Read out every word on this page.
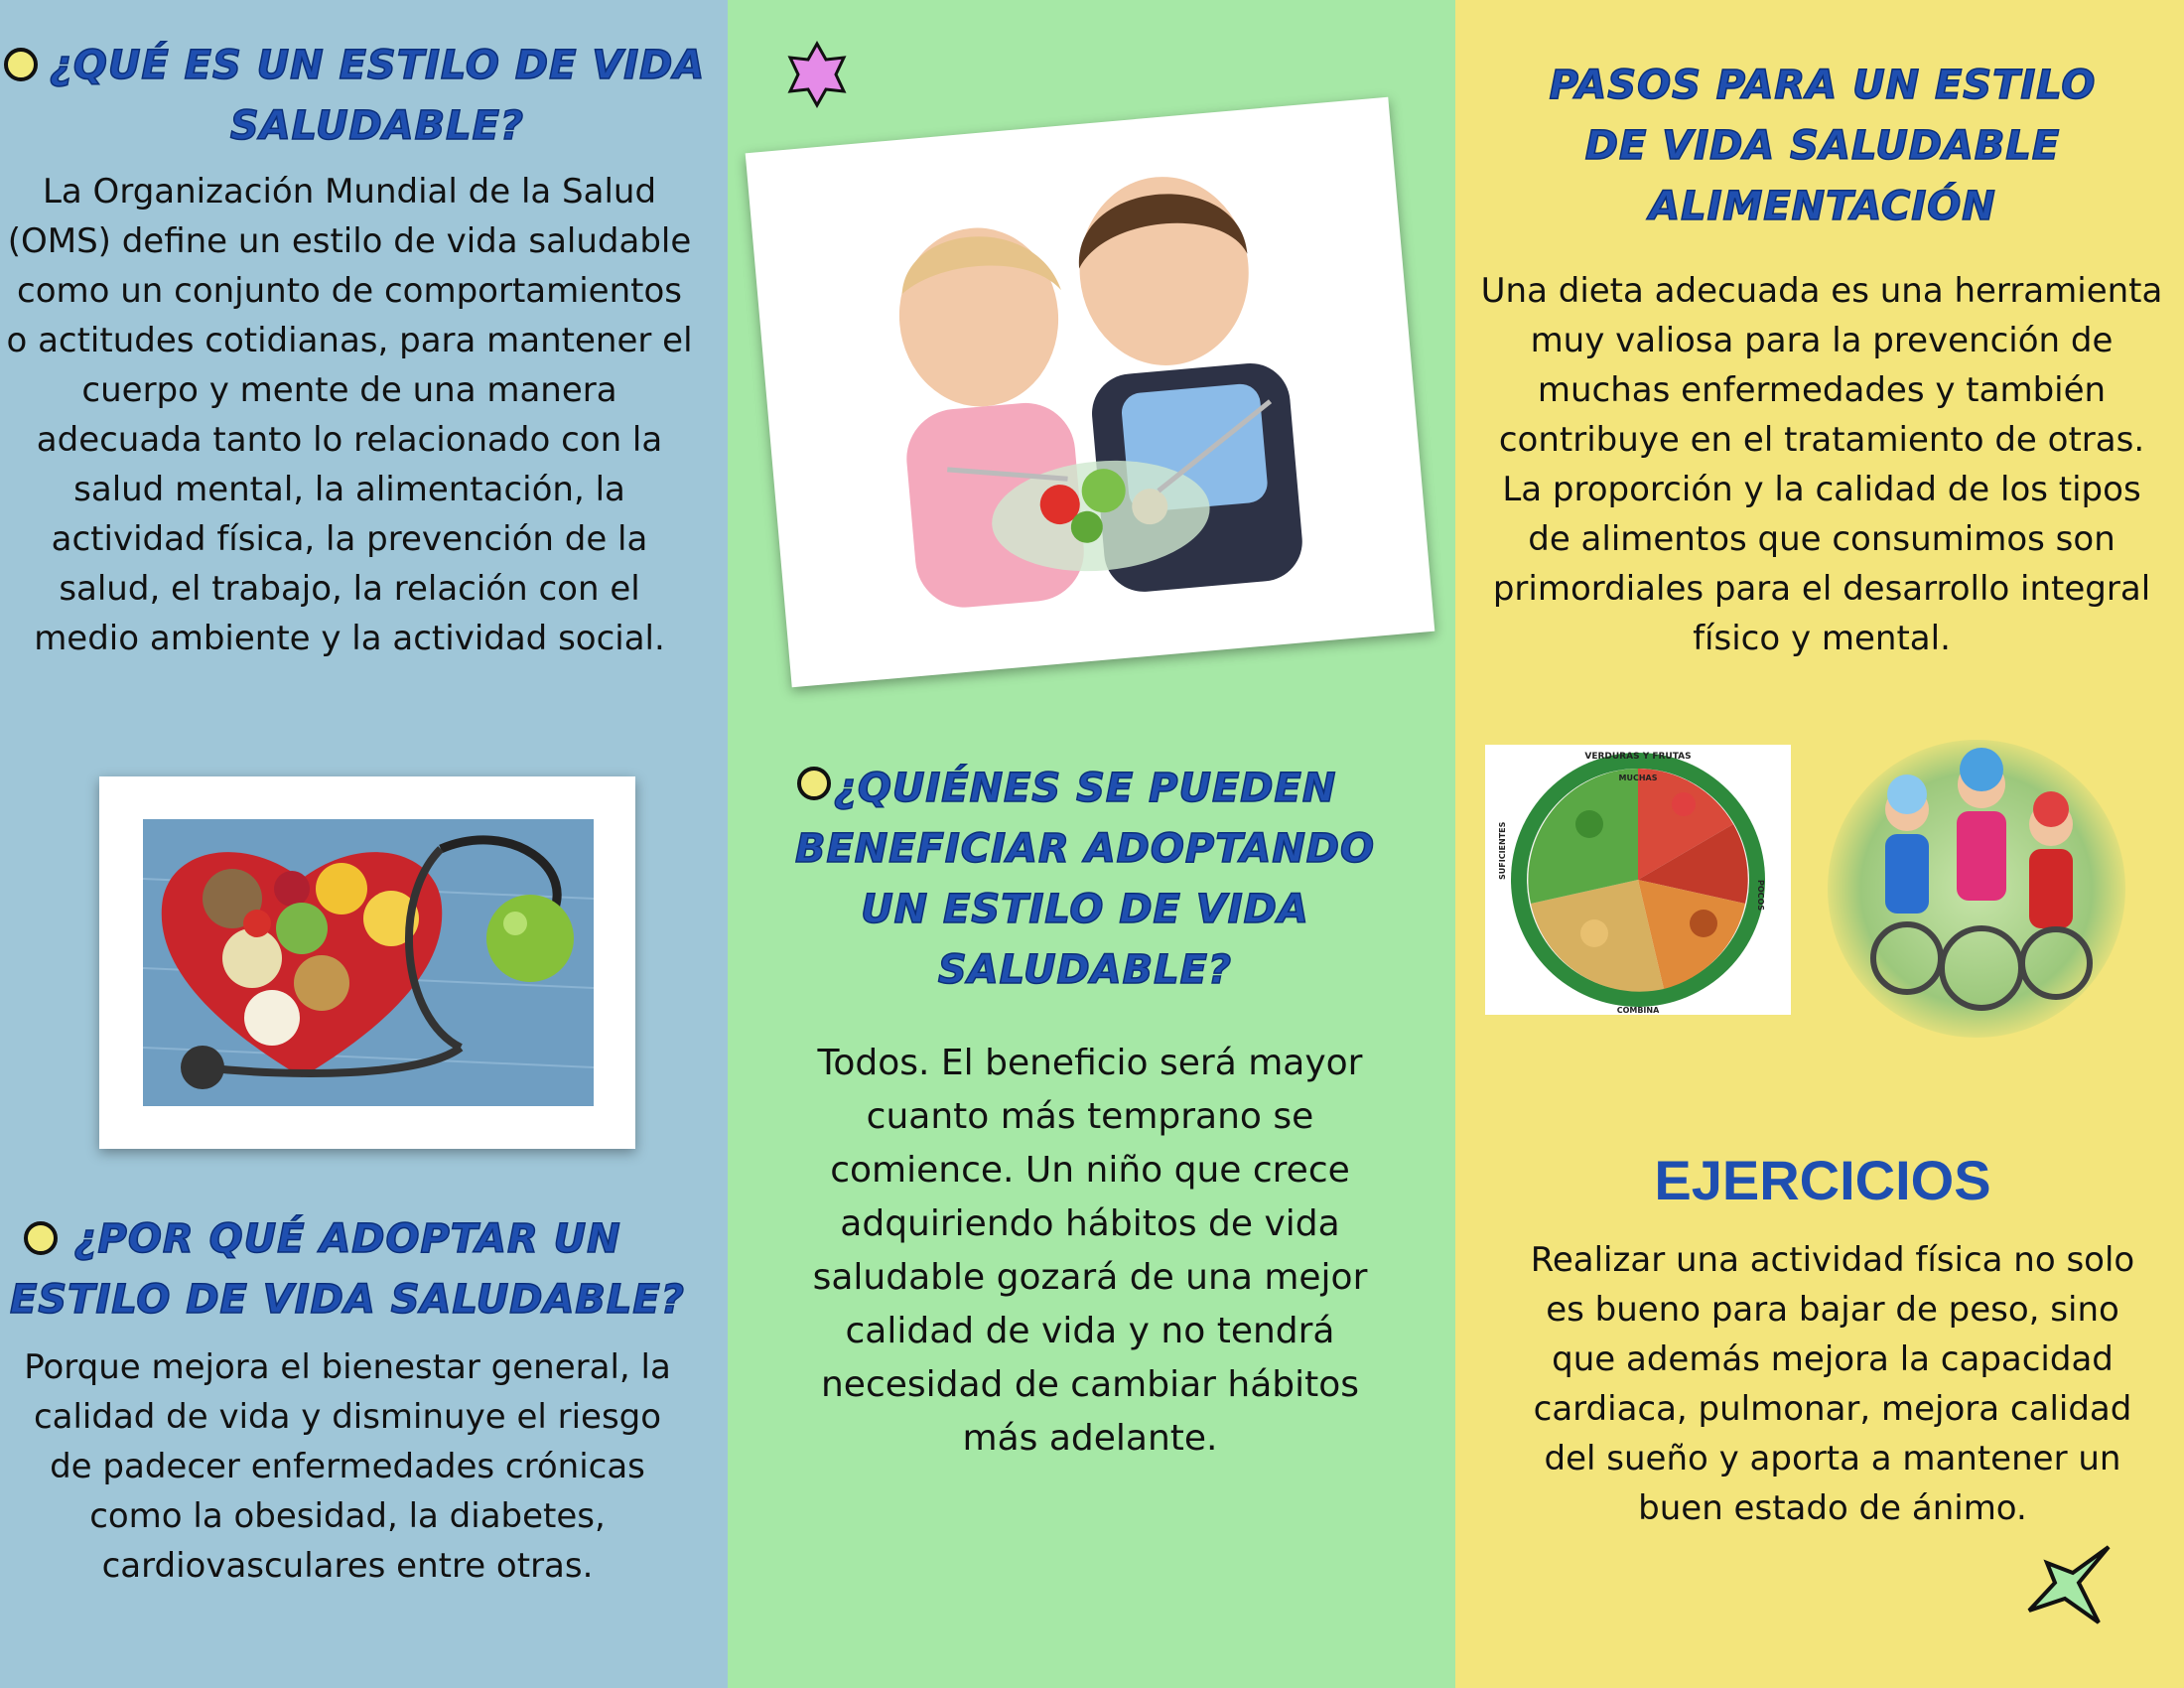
¿QUÉ ES UN ESTILO DE VIDA SALUDABLE?
La Organización Mundial de la Salud (OMS) define un estilo de vida saludable como un conjunto de comportamientos o actitudes cotidianas, para mantener el cuerpo y mente de una manera adecuada tanto lo relacionado con la salud mental, la alimentación, la actividad física, la prevención de la salud, el trabajo, la relación con el medio ambiente y la actividad social.
¿POR QUÉ ADOPTAR UN ESTILO DE VIDA SALUDABLE?
Porque mejora el bienestar general, la calidad de vida y disminuye el riesgo de padecer enfermedades crónicas como la obesidad, la diabetes, cardiovasculares entre otras.
¿QUIÉNES SE PUEDEN BENEFICIAR ADOPTANDO UN ESTILO DE VIDA SALUDABLE?
Todos. El beneficio será mayor cuanto más temprano se comience. Un niño que crece adquiriendo hábitos de vida saludable gozará de una mejor calidad de vida y no tendrá necesidad de cambiar hábitos más adelante.
PASOS PARA UN ESTILO DE VIDA SALUDABLE ALIMENTACIÓN
Una dieta adecuada es una herramienta muy valiosa para la prevención de muchas enfermedades y también contribuye en el tratamiento de otras. La proporción y la calidad de los tipos de alimentos que consumimos son primordiales para el desarrollo integral físico y mental.
VERDURAS Y FRUTAS
MUCHAS
POCOS
COMBINA
SUFICIENTES
EJERCICIOS
Realizar una actividad física no solo es bueno para bajar de peso, sino que además mejora la capacidad cardiaca, pulmonar, mejora calidad del sueño y aporta a mantener un buen estado de ánimo.
